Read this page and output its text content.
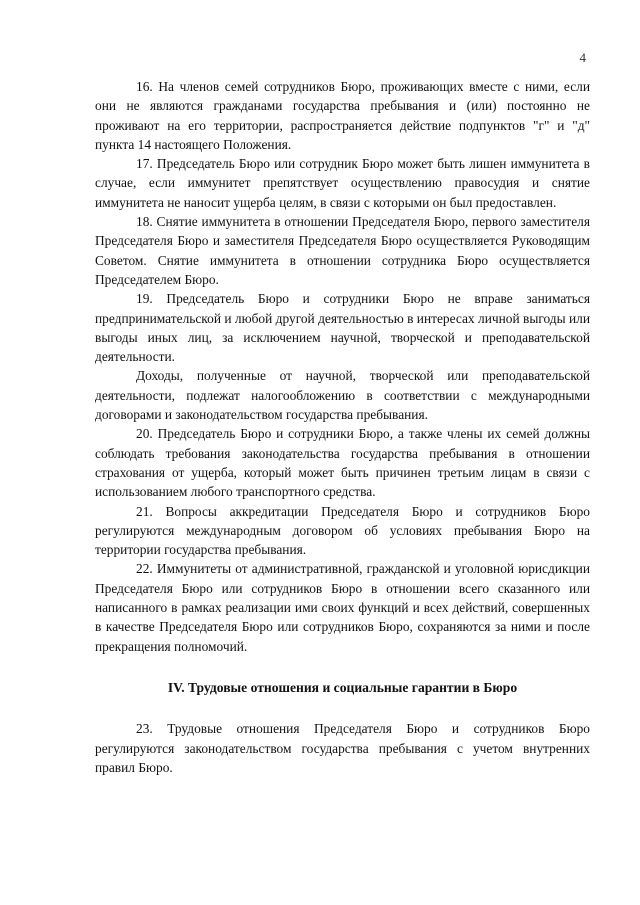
4

16. На членов семей сотрудников Бюро, проживающих вместе с ними, если они не являются гражданами государства пребывания и (или) постоянно не проживают на его территории, распространяется действие подпунктов "г" и "д" пункта 14 настоящего Положения.

17. Председатель Бюро или сотрудник Бюро может быть лишен иммунитета в случае, если иммунитет препятствует осуществлению правосудия и снятие иммунитета не наносит ущерба целям, в связи с которыми он был предоставлен.

18. Снятие иммунитета в отношении Председателя Бюро, первого заместителя Председателя Бюро и заместителя Председателя Бюро осуществляется Руководящим Советом. Снятие иммунитета в отношении сотрудника Бюро осуществляется Председателем Бюро.

19. Председатель Бюро и сотрудники Бюро не вправе заниматься предпринимательской и любой другой деятельностью в интересах личной выгоды или выгоды иных лиц, за исключением научной, творческой и преподавательской деятельности.

Доходы, полученные от научной, творческой или преподавательской деятельности, подлежат налогообложению в соответствии с международными договорами и законодательством государства пребывания.

20. Председатель Бюро и сотрудники Бюро, а также члены их семей должны соблюдать требования законодательства государства пребывания в отношении страхования от ущерба, который может быть причинен третьим лицам в связи с использованием любого транспортного средства.

21. Вопросы аккредитации Председателя Бюро и сотрудников Бюро регулируются международным договором об условиях пребывания Бюро на территории государства пребывания.

22. Иммунитеты от административной, гражданской и уголовной юрисдикции Председателя Бюро или сотрудников Бюро в отношении всего сказанного или написанного в рамках реализации ими своих функций и всех действий, совершенных в качестве Председателя Бюро или сотрудников Бюро, сохраняются за ними и после прекращения полномочий.

IV. Трудовые отношения и социальные гарантии в Бюро

23. Трудовые отношения Председателя Бюро и сотрудников Бюро регулируются законодательством государства пребывания с учетом внутренних правил Бюро.
